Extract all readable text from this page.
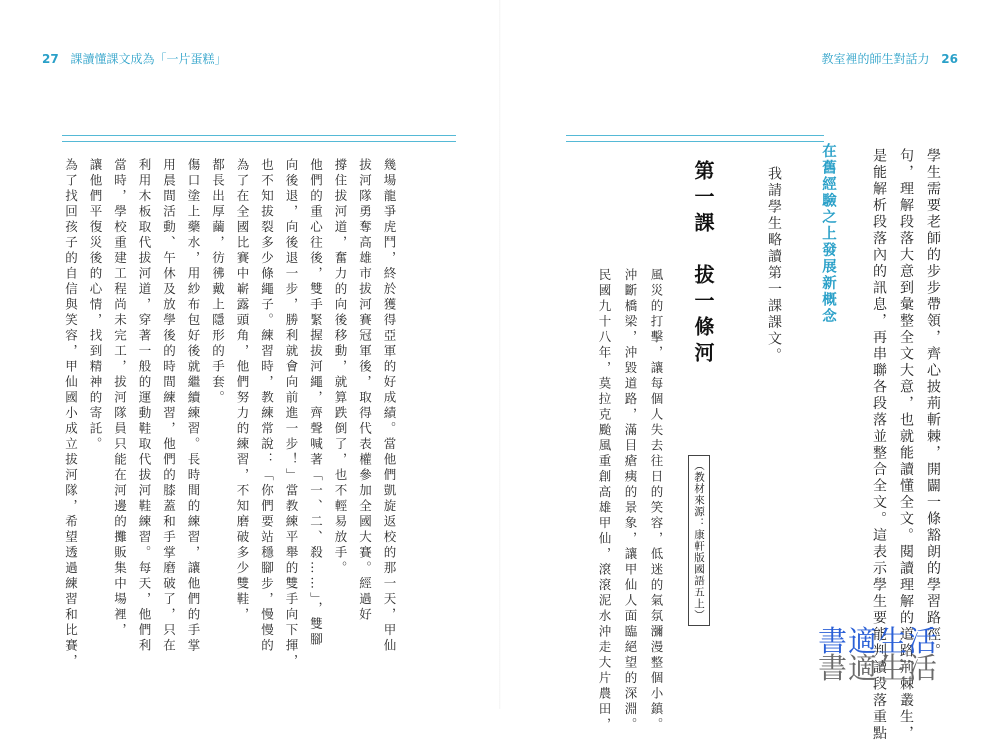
27 課讀懂課文成為「一片蛋糕」
幾場龍爭虎鬥，終於獲得亞軍的好成績。當他們凱旋返校的那一天，甲仙
拔河隊勇奪高雄市拔河賽冠軍後，取得代表權參加全國大賽。經過好
撐住拔河道，奮力的向後移動，就算跌倒了，也不輕易放手。
他們的重心往後，雙手緊握拔河繩，齊聲喊著「一、二、殺……」，雙腳
向後退，向後退一步，勝利就會向前進一步！」當教練平舉的雙手向下揮，
也不知拔裂多少條繩子。練習時，教練常說：「你們要站穩腳步，慢慢的
為了在全國比賽中嶄露頭角，他們努力的練習，不知磨破多少雙鞋，
都長出厚繭，彷彿戴上隱形的手套。
傷口塗上藥水，用紗布包好後就繼續練習。長時間的練習，讓他們的手掌
用晨間活動、午休及放學後的時間練習，他們的膝蓋和手掌磨破了，只在
利用木板取代拔河道，穿著一般的運動鞋取代拔河鞋練習。每天，他們利
當時，學校重建工程尚未完工，拔河隊員只能在河邊的攤販集中場裡，
讓他們平復災後的心情，找到精神的寄託。
為了找回孩子的自信與笑容，甲仙國小成立拔河隊，希望透過練習和比賽，
教室裡的師生對話力 26
學生需要老師的步步帶領，齊心披荊斬棘，開闢一條豁朗的學習路徑。
句，理解段落大意到彙整全文大意，也就能讀懂全文。閱讀理解的道路荊棘叢生，
是能解析段落內的訊息，再串聯各段落並整合全文。這表示學生要能判讀段落重點
在舊經驗之上發展新概念
我請學生略讀第一課課文。
第一課　拔一條河
（教材來源：康軒版國語五上）
風災的打擊，讓每個人失去往日的笑容，低迷的氣氛瀰漫整個小鎮。
沖斷橋梁，沖毀道路，滿目瘡痍的景象，讓甲仙人面臨絕望的深淵。
民國九十八年，莫拉克颱風重創高雄甲仙，滾滾泥水沖走大片農田，	書適生活
書適生活
